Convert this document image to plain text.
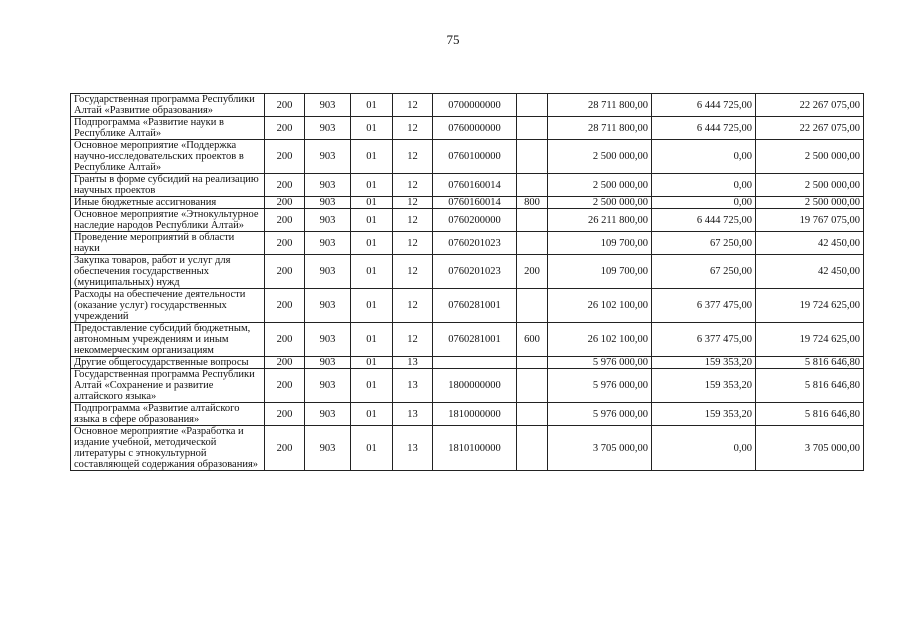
75
Государственная программа Республики Алтай «Развитие образования»	200	903	01	12	0700000000		28 711 800,00	6 444 725,00	22 267 075,00
Подпрограмма «Развитие науки в Республике Алтай»	200	903	01	12	0760000000		28 711 800,00	6 444 725,00	22 267 075,00
Основное мероприятие «Поддержка научно-исследовательских проектов в Республике Алтай»	200	903	01	12	0760100000		2 500 000,00	0,00	2 500 000,00
Гранты в форме субсидий на реализацию научных проектов	200	903	01	12	0760160014		2 500 000,00	0,00	2 500 000,00
Иные бюджетные ассигнования	200	903	01	12	0760160014	800	2 500 000,00	0,00	2 500 000,00
Основное мероприятие «Этнокультурное наследие народов Республики Алтай»	200	903	01	12	0760200000		26 211 800,00	6 444 725,00	19 767 075,00
Проведение мероприятий в области науки	200	903	01	12	0760201023		109 700,00	67 250,00	42 450,00
Закупка товаров, работ и услуг для обеспечения государственных (муниципальных) нужд	200	903	01	12	0760201023	200	109 700,00	67 250,00	42 450,00
Расходы на обеспечение деятельности (оказание услуг) государственных учреждений	200	903	01	12	0760281001		26 102 100,00	6 377 475,00	19 724 625,00
Предоставление субсидий бюджетным, автономным учреждениям и иным некоммерческим организациям	200	903	01	12	0760281001	600	26 102 100,00	6 377 475,00	19 724 625,00
Другие общегосударственные вопросы	200	903	01	13			5 976 000,00	159 353,20	5 816 646,80
Государственная программа Республики Алтай «Сохранение и развитие алтайского языка»	200	903	01	13	1800000000		5 976 000,00	159 353,20	5 816 646,80
Подпрограмма «Развитие алтайского языка в сфере образования»	200	903	01	13	1810000000		5 976 000,00	159 353,20	5 816 646,80
Основное мероприятие «Разработка и издание учебной, методической литературы с этнокультурной составляющей содержания образования»	200	903	01	13	1810100000		3 705 000,00	0,00	3 705 000,00
